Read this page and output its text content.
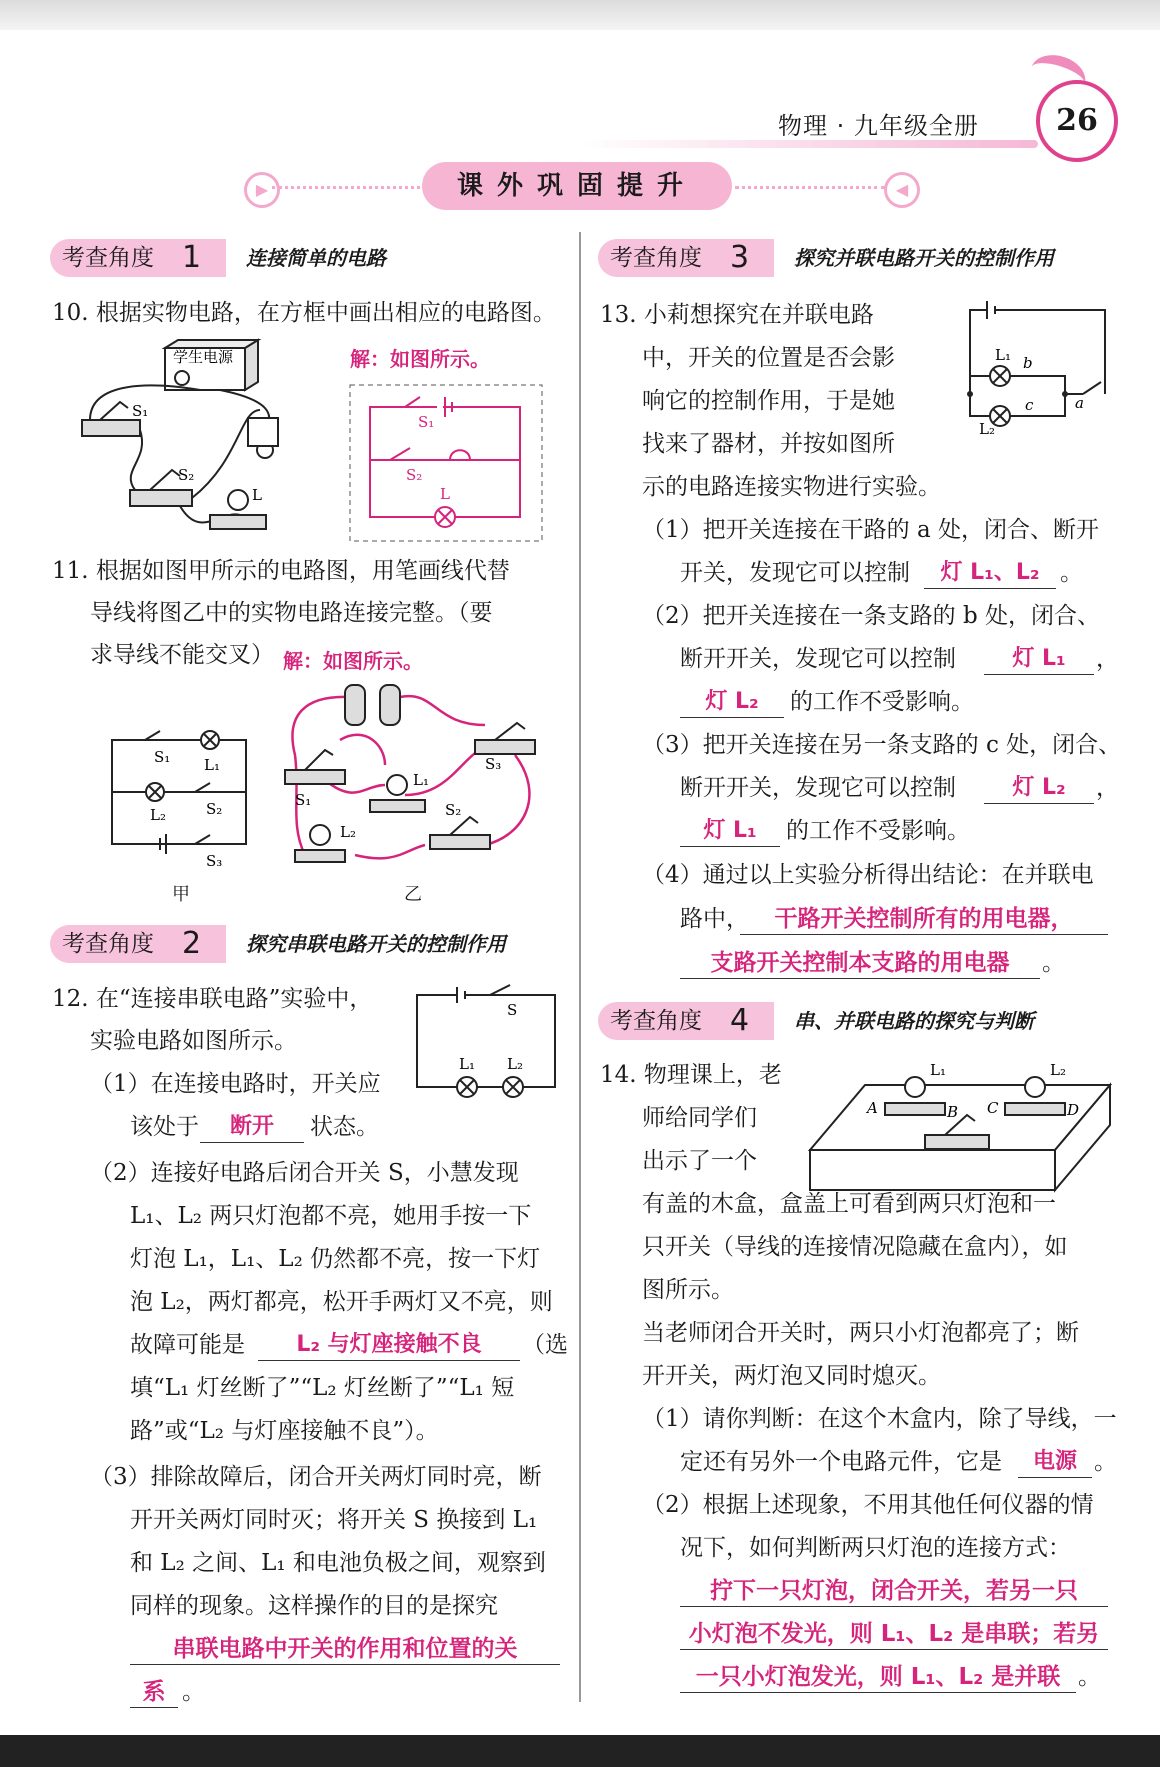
物理 · 九年级全册	26
▶	◀
课外巩固提升
考查角度 1 连接简单的电路
10. 根据实物电路，在方框中画出相应的电路图。
学生电源
S₁
S₂
L
解：如图所示。
S₁
S₂
L
11. 根据如图甲所示的电路图，用笔画线代替
导线将图乙中的实物电路连接完整。（要
求导线不能交叉） 解：如图所示。
S₁ L₁
L₂	S₂
S₃
甲
S₁
L₁
S₃
S₂
L₂
乙
考查角度 2 探究串联电路开关的控制作用
12. 在“连接串联电路”实验中，
实验电路如图所示。
S
L₁ L₂
（1）在连接电路时，开关应
该处于	断开	状态。
（2）连接好电路后闭合开关 S，小慧发现
L₁、L₂ 两只灯泡都不亮，她用手按一下
灯泡 L₁，L₁、L₂ 仍然都不亮，按一下灯
泡 L₂，两灯都亮，松开手两灯又不亮，则
故障可能是	L₂ 与灯座接触不良	（选
填“L₁ 灯丝断了”“L₂ 灯丝断了”“L₁ 短
路”或“L₂ 与灯座接触不良”）。
（3）排除故障后，闭合开关两灯同时亮，断
开开关两灯同时灭；将开关 S 换接到 L₁
和 L₂ 之间、L₁ 和电池负极之间，观察到
同样的现象。这样操作的目的是探究
串联电路中开关的作用和位置的关
系 。
考查角度 3 探究并联电路开关的控制作用
13. 小莉想探究在并联电路
中，开关的位置是否会影
响它的控制作用，于是她
找来了器材，并按如图所
示的电路连接实物进行实验。
L₁ b
c
L₂
a
（1）把开关连接在干路的 a 处，闭合、断开
开关，发现它可以控制	灯 L₁、L₂ 。
（2）把开关连接在一条支路的 b 处，闭合、
断开开关，发现它可以控制	灯 L₁	，
灯 L₂	的工作不受影响。
（3）把开关连接在另一条支路的 c 处，闭合、
断开开关，发现它可以控制	灯 L₂	，
灯 L₁	的工作不受影响。
（4）通过以上实验分析得出结论：在并联电
路中，	干路开关控制所有的用电器，
支路开关控制本支路的用电器	。
考查角度 4 串、并联电路的探究与判断
14. 物理课上，老
师给同学们
出示了一个
L₁	L₂
A	B C	D
有盖的木盒，盒盖上可看到两只灯泡和一
只开关（导线的连接情况隐藏在盒内），如
图所示。
当老师闭合开关时，两只小灯泡都亮了；断
开开关，两灯泡又同时熄灭。
（1）请你判断：在这个木盒内，除了导线，一
定还有另外一个电路元件，它是	电源 。
（2）根据上述现象，不用其他任何仪器的情
况下，如何判断两只灯泡的连接方式：
拧下一只灯泡，闭合开关，若另一只
小灯泡不发光，则 L₁、L₂ 是串联；若另
一只小灯泡发光，则 L₁、L₂ 是并联 。
